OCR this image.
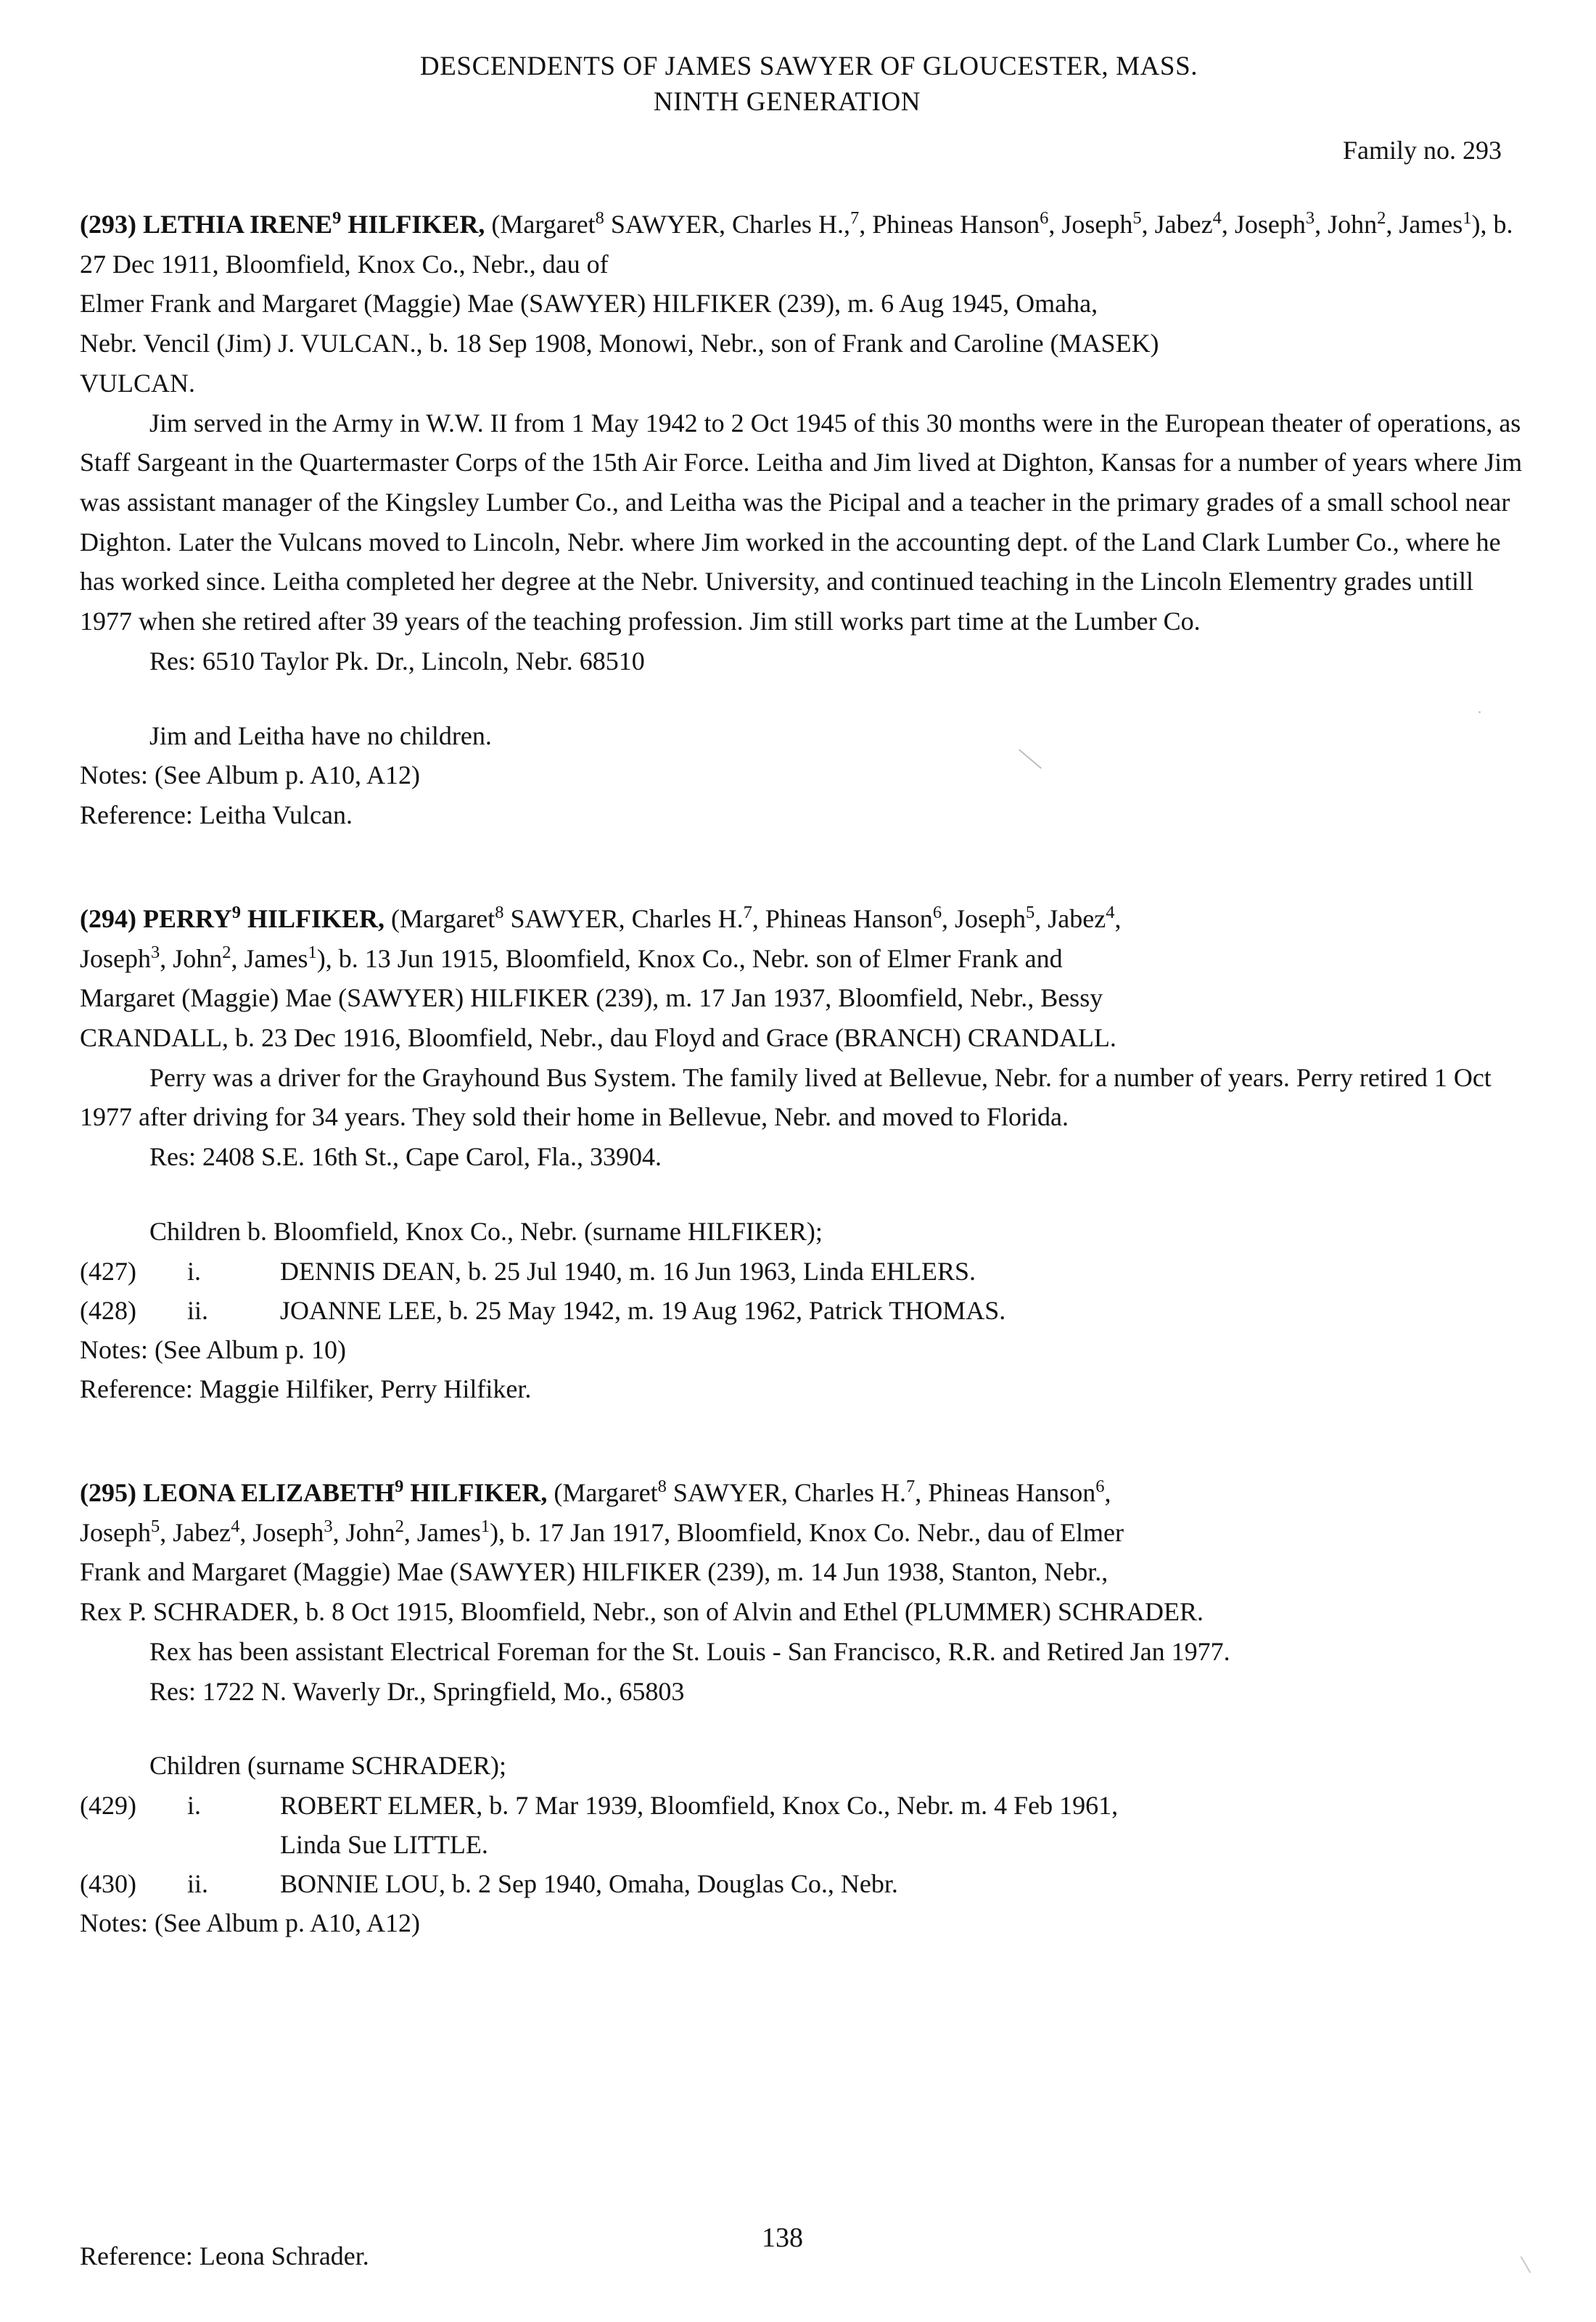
DESCENDENTS OF JAMES SAWYER OF GLOUCESTER, MASS.
NINTH GENERATION
Family no. 293

(293) LETHIA IRENE$^9$ HILFIKER, (Margaret$^8$ SAWYER, Charles H.,$^7$, Phineas Hanson$^6$, Joseph$^5$, Jabez$^4$, Joseph$^3$, John$^2$, James$^1$), b. 27 Dec 1911, Bloomfield, Knox Co., Nebr., dau of

Elmer Frank and Margaret (Maggie) Mae (SAWYER) HILFIKER (239), m. 6 Aug 1945, Omaha,

Nebr. Vencil (Jim) J. VULCAN., b. 18 Sep 1908, Monowi, Nebr., son of Frank and Caroline (MASEK)

VULCAN.

Jim served in the Army in W.W. II from 1 May 1942 to 2 Oct 1945 of this 30 months were in the European theater of operations, as Staff Sargeant in the Quartermaster Corps of the 15th Air Force. Leitha and Jim lived at Dighton, Kansas for a number of years where Jim was assistant manager of the Kingsley Lumber Co., and Leitha was the Picipal and a teacher in the primary grades of a small school near Dighton. Later the Vulcans moved to Lincoln, Nebr. where Jim worked in the accounting dept. of the Land Clark Lumber Co., where he has worked since. Leitha completed her degree at the Nebr. University, and continued teaching in the Lincoln Elementry grades untill 1977 when she retired after 39 years of the teaching profession. Jim still works part time at the Lumber Co.

Res: 6510 Taylor Pk. Dr., Lincoln, Nebr. 68510

Jim and Leitha have no children.

Notes: (See Album p. A10, A12)

Reference: Leitha Vulcan.

(294) PERRY$^9$ HILFIKER, (Margaret$^8$ SAWYER, Charles H.$^7$, Phineas Hanson$^6$, Joseph$^5$, Jabez$^4$,

Joseph$^3$, John$^2$, James$^1$), b. 13 Jun 1915, Bloomfield, Knox Co., Nebr. son of Elmer Frank and

Margaret (Maggie) Mae (SAWYER) HILFIKER (239), m. 17 Jan 1937, Bloomfield, Nebr., Bessy

CRANDALL, b. 23 Dec 1916, Bloomfield, Nebr., dau Floyd and Grace (BRANCH) CRANDALL.

Perry was a driver for the Grayhound Bus System. The family lived at Bellevue, Nebr. for a number of years. Perry retired 1 Oct 1977 after driving for 34 years. They sold their home in Bellevue, Nebr. and moved to Florida.

Res: 2408 S.E. 16th St., Cape Carol, Fla., 33904.

Children b. Bloomfield, Knox Co., Nebr. (surname HILFIKER);

(427)	i.	DENNIS DEAN, b. 25 Jul 1940, m. 16 Jun 1963, Linda EHLERS.
(428)	ii.	JOANNE LEE, b. 25 May 1942, m. 19 Aug 1962, Patrick THOMAS.

Notes: (See Album p. 10)

Reference: Maggie Hilfiker, Perry Hilfiker.

(295) LEONA ELIZABETH$^9$ HILFIKER, (Margaret$^8$ SAWYER, Charles H.$^7$, Phineas Hanson$^6$,

Joseph$^5$, Jabez$^4$, Joseph$^3$, John$^2$, James$^1$), b. 17 Jan 1917, Bloomfield, Knox Co. Nebr., dau of Elmer

Frank and Margaret (Maggie) Mae (SAWYER) HILFIKER (239), m. 14 Jun 1938, Stanton, Nebr.,

Rex P. SCHRADER, b. 8 Oct 1915, Bloomfield, Nebr., son of Alvin and Ethel (PLUMMER) SCHRADER.

Rex has been assistant Electrical Foreman for the St. Louis - San Francisco, R.R. and Retired Jan 1977.

Res: 1722 N. Waverly Dr., Springfield, Mo., 65803

Children (surname SCHRADER);

(429)	i.	ROBERT ELMER, b. 7 Mar 1939, Bloomfield, Knox Co., Nebr. m. 4 Feb 1961,
Linda Sue LITTLE.
(430)	ii.	BONNIE LOU, b. 2 Sep 1940, Omaha, Douglas Co., Nebr.

Notes: (See Album p. A10, A12)

Reference: Leona Schrader.
138
